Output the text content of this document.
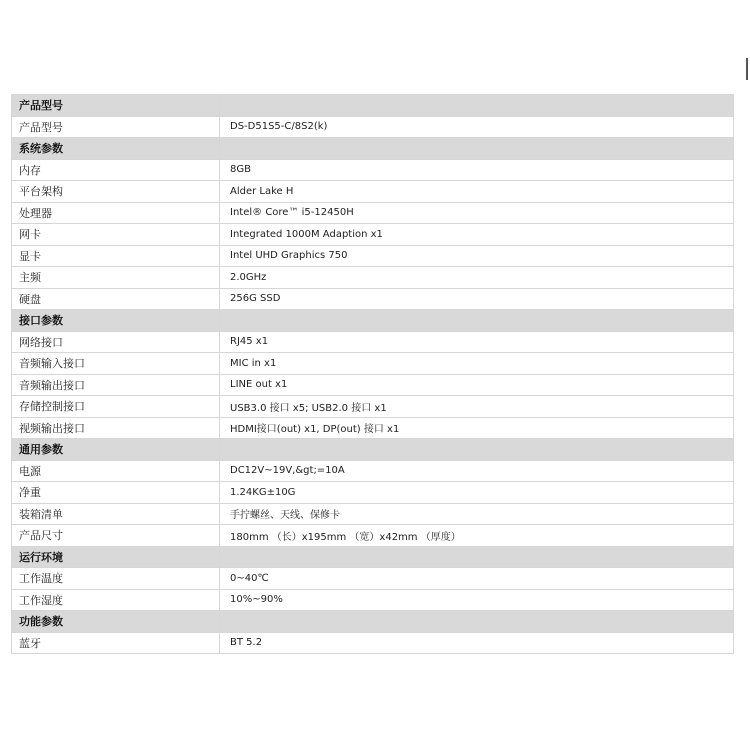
产品型号	
产品型号	DS-D51S5-C/8S2(k)
系统参数	
内存	8GB
平台架构	Alder Lake H
处理器	Intel® Core™ i5-12450H
网卡	Integrated 1000M Adaption x1
显卡	Intel UHD Graphics 750
主频	2.0GHz
硬盘	256G SSD
接口参数	
网络接口	RJ45 x1
音频输入接口	MIC in x1
音频输出接口	LINE out x1
存储控制接口	USB3.0 接口 x5; USB2.0 接口 x1
视频输出接口	HDMI接口(out) x1, DP(out) 接口 x1
通用参数	
电源	DC12V~19V,&gt;=10A
净重	1.24KG±10G
装箱清单	手拧螺丝、天线、保修卡
产品尺寸	180mm （长）x195mm （宽）x42mm （厚度）
运行环境	
工作温度	0~40℃
工作湿度	10%~90%
功能参数	
蓝牙	BT 5.2
